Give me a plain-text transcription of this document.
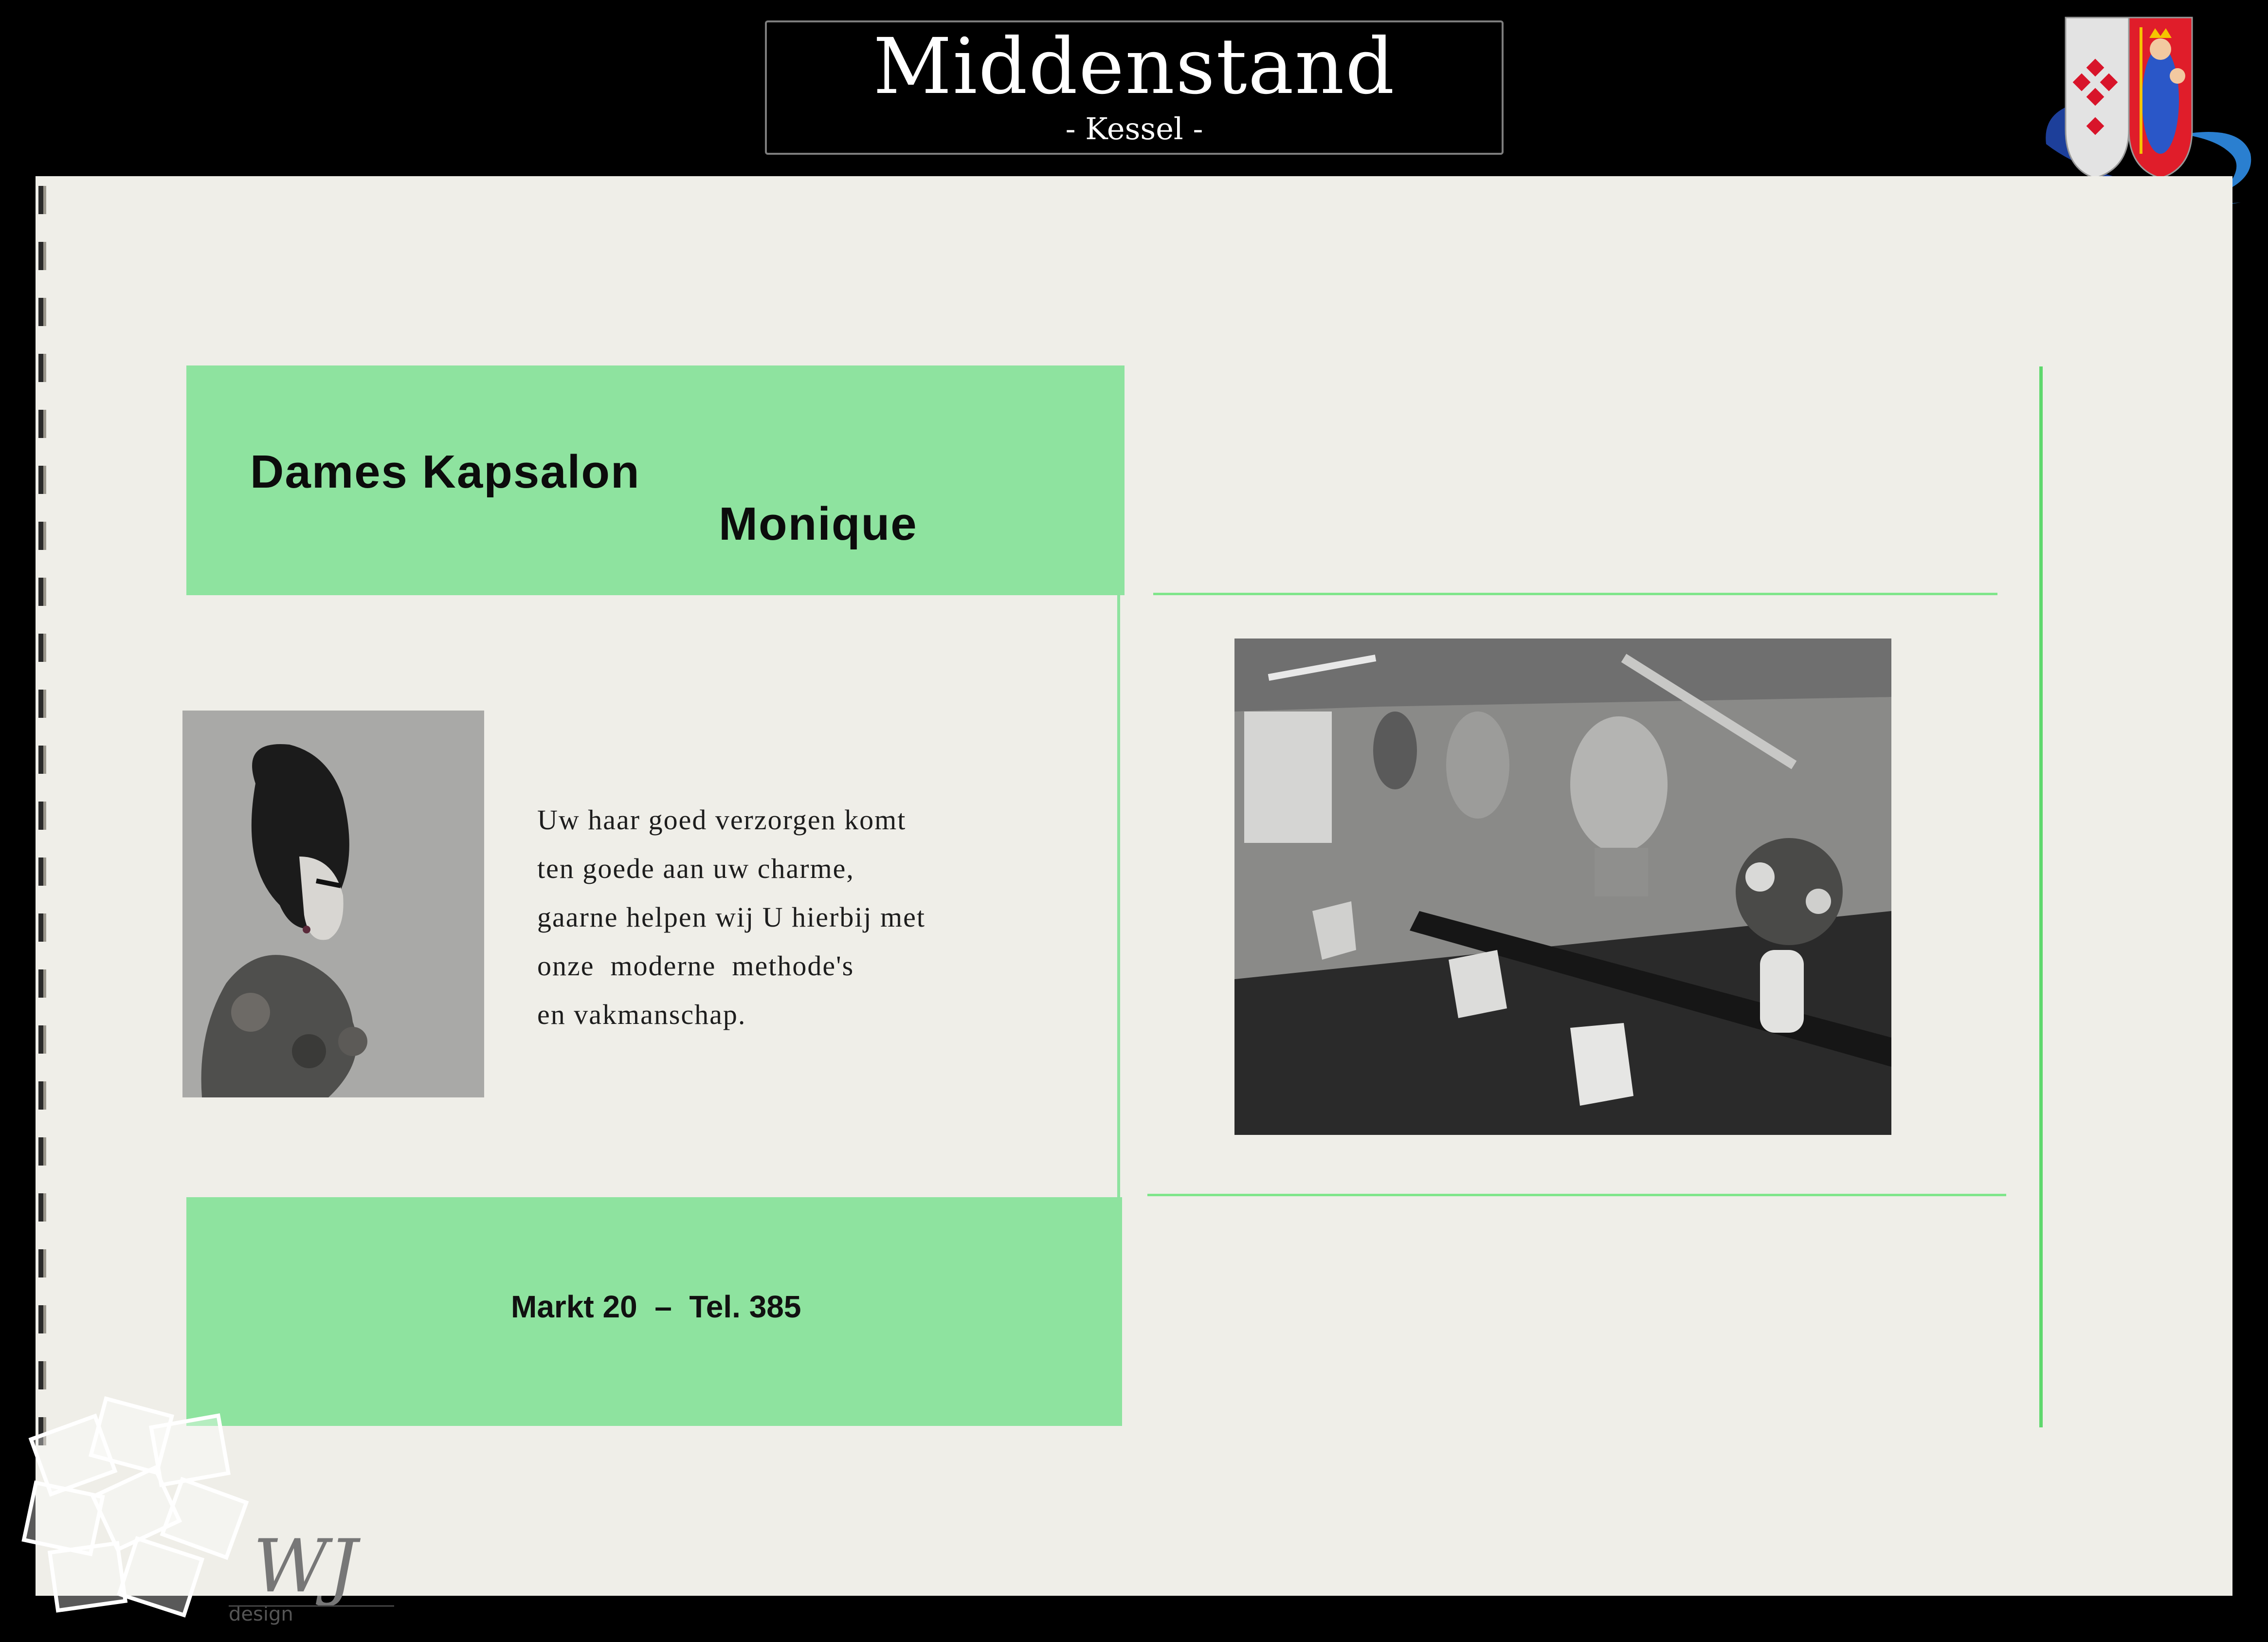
Middenstand
- Kessel -
Dames Kapsalon
Monique
Uw haar goed verzorgen komt
ten goede aan uw charme,
gaarne helpen wij U hierbij met
onze  moderne  methode's
en vakmanschap.
Markt 20  –  Tel. 385
WJ
design
